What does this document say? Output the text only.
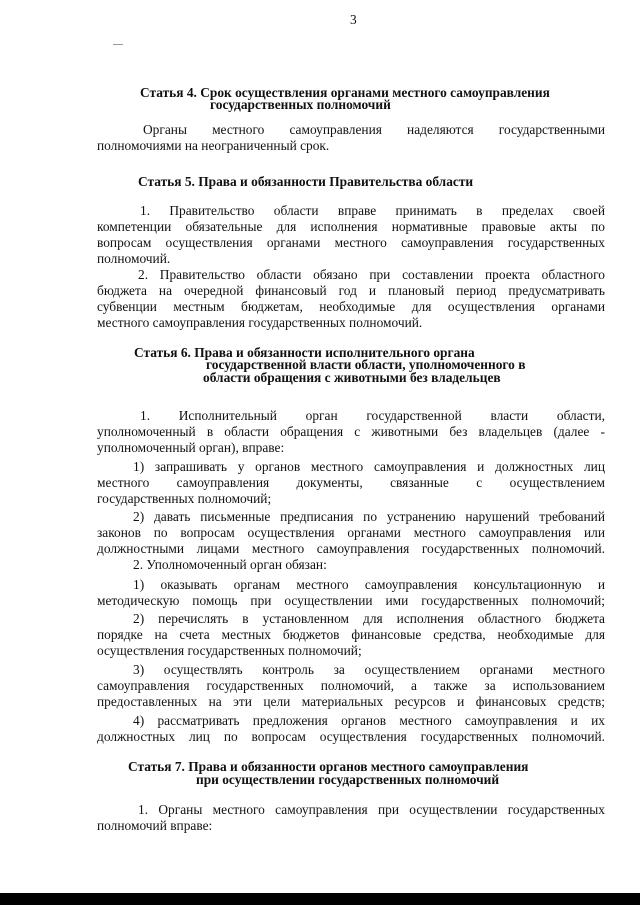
3
Статья 4. Срок осуществления органами местного самоуправления
государственных полномочий
Органы местного самоуправления наделяются государственными
полномочиями на неограниченный срок.
Статья 5. Права и обязанности Правительства области
1. Правительство области вправе принимать в пределах своей
компетенции обязательные для исполнения нормативные правовые акты по
вопросам осуществления органами местного самоуправления государственных
полномочий.
2. Правительство области обязано при составлении проекта областного
бюджета на очередной финансовый год и плановый период предусматривать
субвенции местным бюджетам, необходимые для осуществления органами
местного самоуправления государственных полномочий.
Статья 6. Права и обязанности исполнительного органа
государственной власти области, уполномоченного в
области обращения с животными без владельцев
1. Исполнительный орган государственной власти области,
уполномоченный в области обращения с животными без владельцев (далее -
уполномоченный орган), вправе:
1) запрашивать у органов местного самоуправления и должностных лиц
местного самоуправления документы, связанные с осуществлением
государственных полномочий;
2) давать письменные предписания по устранению нарушений требований
законов по вопросам осуществления органами местного самоуправления или
должностными лицами местного самоуправления государственных полномочий.
2. Уполномоченный орган обязан:
1) оказывать органам местного самоуправления консультационную и
методическую помощь при осуществлении ими государственных полномочий;
2) перечислять в установленном для исполнения областного бюджета
порядке на счета местных бюджетов финансовые средства, необходимые для
осуществления государственных полномочий;
3) осуществлять контроль за осуществлением органами местного
самоуправления государственных полномочий, а также за использованием
предоставленных на эти цели материальных ресурсов и финансовых средств;
4) рассматривать предложения органов местного самоуправления и их
должностных лиц по вопросам осуществления государственных полномочий.
Статья 7. Права и обязанности органов местного самоуправления
при осуществлении государственных полномочий
1. Органы местного самоуправления при осуществлении государственных
полномочий вправе:
